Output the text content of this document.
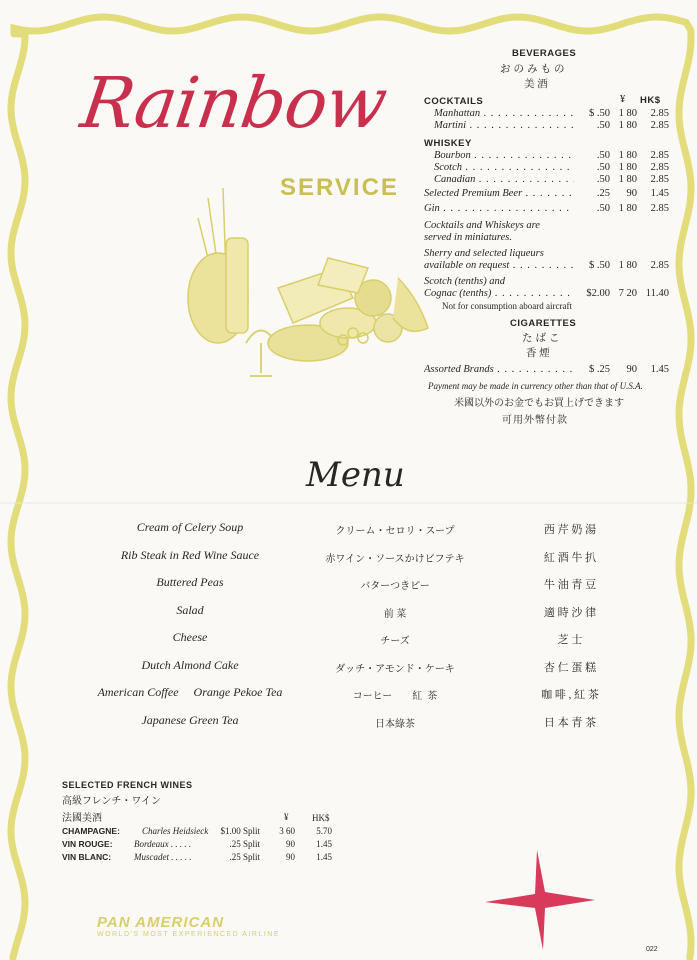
Rainbow
SERVICE
BEVERAGES
おのみもの
美 酒
COCKTAILS	¥ HK$
Manhattan . . .	$ .50 1 80	2.85
Martini . . .	.50 1 80	2.85
WHISKEY
Bourbon . . .	.50 1 80	2.85
Scotch . . .	.50 1 80	2.85
Canadian . . .	.50 1 80	2.85
Selected Premium Beer . . .	.25	90	1.45
Gin . . .	.50 1 80	2.85
Cocktails and Whiskeys are
served in miniatures.
Sherry and selected liqueurs
available on request . . .	$ .50 1 80	2.85
Scotch (tenths) and
Cognac (tenths) . . .	$2.00 7 20 11.40
Not for consumption aboard aircraft
CIGARETTES
たばこ
香 煙
Assorted Brands . . .	$ .25	90	1.45
Payment may be made in currency other than that of U.S.A.
米國以外のお金でもお買上げできます
可用外幣付款
Menu
Cream of Celery Soup	クリーム・セロリ・スープ	西 芹 奶 湯
Rib Steak in Red Wine Sauce	赤ワイン・ソースかけビフテキ	紅 酒 牛 扒
Buttered Peas	バターつきピー	牛 油 青 豆
Salad	前 菜	適 時 沙 律
Cheese	チーズ	芝 士
Dutch Almond Cake	ダッチ・アモンド・ケーキ	杏 仁 蛋 糕
American Coffee     Orange Pekoe Tea	コーヒー        紅  茶	咖 啡 , 紅 茶
Japanese Green Tea	日本綠茶	日 本 青 茶
SELECTED FRENCH WINES
高級フレンチ・ワイン
法國美酒	¥	HK$
CHAMPAGNE: Charles Heidsieck	$1.00 Split	3 60	5.70
VIN ROUGE: Bordeaux . . . . .	.25 Split	90	1.45
VIN BLANC:	Muscadet . . . . .	.25 Split	90	1.45
PAN AMERICAN
WORLD'S MOST EXPERIENCED AIRLINE
022
